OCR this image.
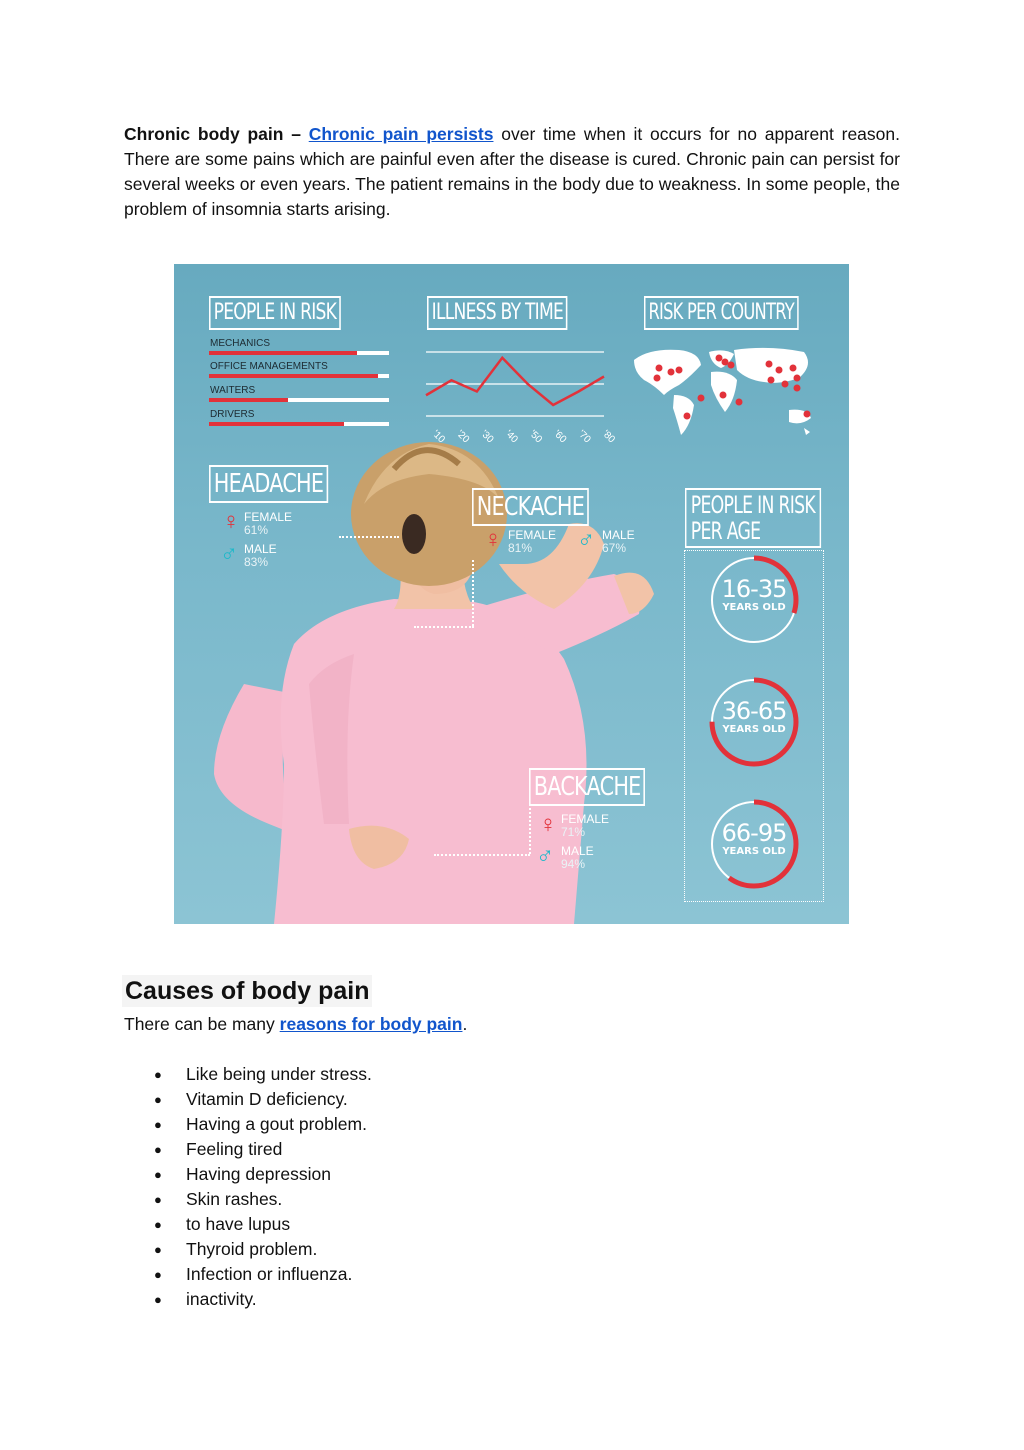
Chronic body pain – Chronic pain persists over time when it occurs for no apparent reason. There are some pains which are painful even after the disease is cured. Chronic pain can persist for several weeks or even years. The patient remains in the body due to weakness. In some people, the problem of insomnia starts arising.

PEOPLE IN RISK
MECHANICS
OFFICE MANAGEMENTS
WAITERS
DRIVERS
ILLNESS BY TIME
'10 '20 '30 '40 '50 '60 '70 '80
RISK PER COUNTRY
HEADACHE
♀ FEMALE
61%
♂ MALE
83%
NECKACHE
♀ FEMALE
81%	♂ MALE
67%
BACKACHE
♀ FEMALE
71%
♂ MALE
94%
PEOPLE IN RISK
PER AGE
16-35
YEARS OLD
36-65
YEARS OLD
66-95
YEARS OLD
Causes of body pain

There can be many reasons for body pain.

● Like being under stress.
● Vitamin D deficiency.
● Having a gout problem.
● Feeling tired
● Having depression
● Skin rashes.
● to have lupus
● Thyroid problem.
● Infection or influenza.
● inactivity.
